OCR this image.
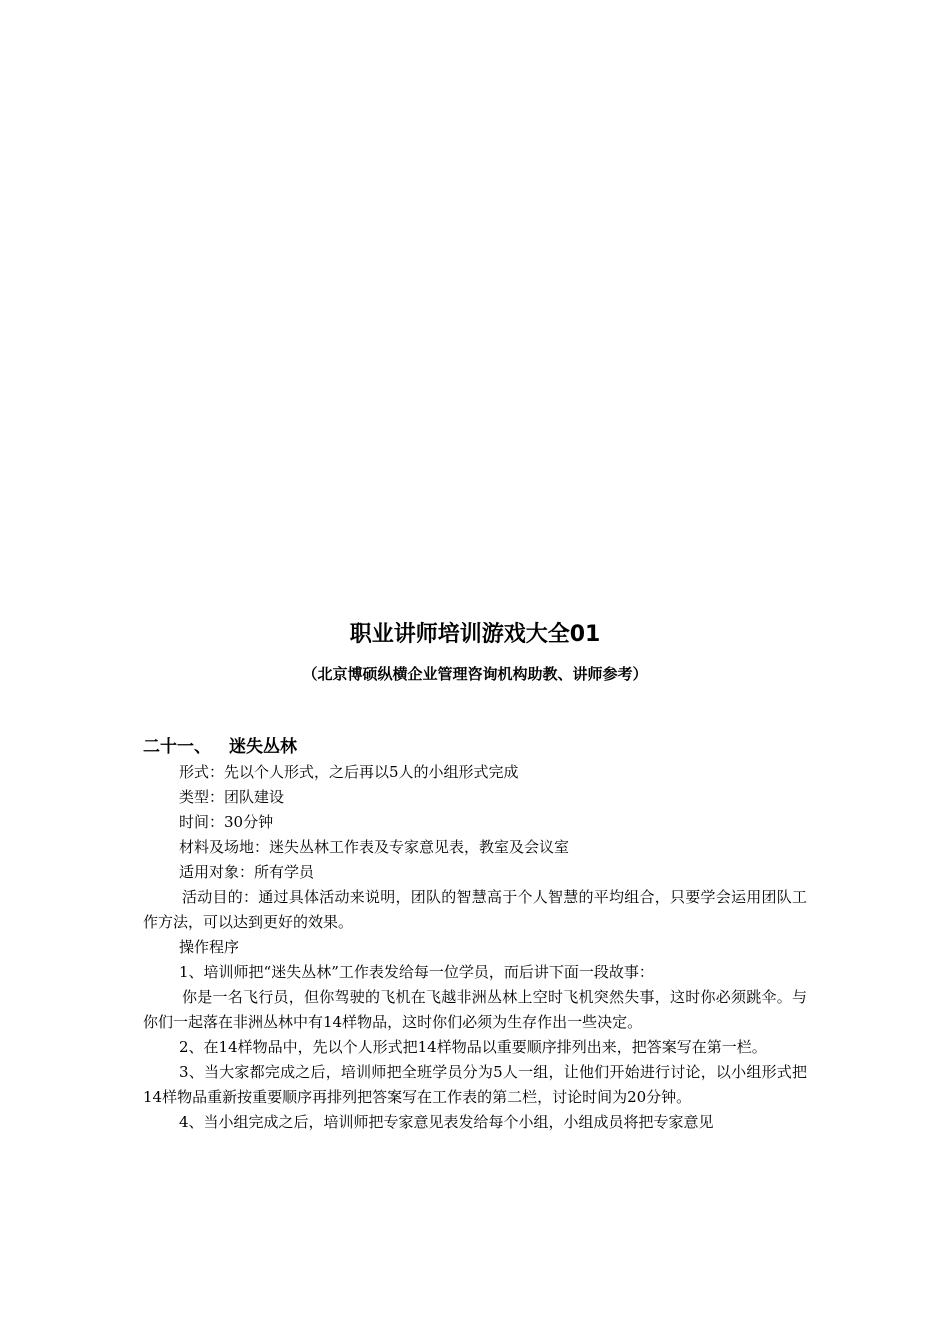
职业讲师培训游戏大全01
（北京博硕纵横企业管理咨询机构助教、讲师参考）
二十一、 迷失丛林

形式：先以个人形式，之后再以5人的小组形式完成

类型：团队建设

时间：30分钟

材料及场地：迷失丛林工作表及专家意见表，教室及会议室

适用对象：所有学员

活动目的：通过具体活动来说明，团队的智慧高于个人智慧的平均组合，只要学会运用团队工作方法，可以达到更好的效果。

操作程序

1、培训师把“迷失丛林”工作表发给每一位学员，而后讲下面一段故事：

你是一名飞行员，但你驾驶的飞机在飞越非洲丛林上空时飞机突然失事，这时你必须跳伞。与你们一起落在非洲丛林中有14样物品，这时你们必须为生存作出一些决定。

2、在14样物品中，先以个人形式把14样物品以重要顺序排列出来，把答案写在第一栏。

3、当大家都完成之后，培训师把全班学员分为5人一组，让他们开始进行讨论，以小组形式把14样物品重新按重要顺序再排列把答案写在工作表的第二栏，讨论时间为20分钟。

4、当小组完成之后，培训师把专家意见表发给每个小组，小组成员将把专家意见
